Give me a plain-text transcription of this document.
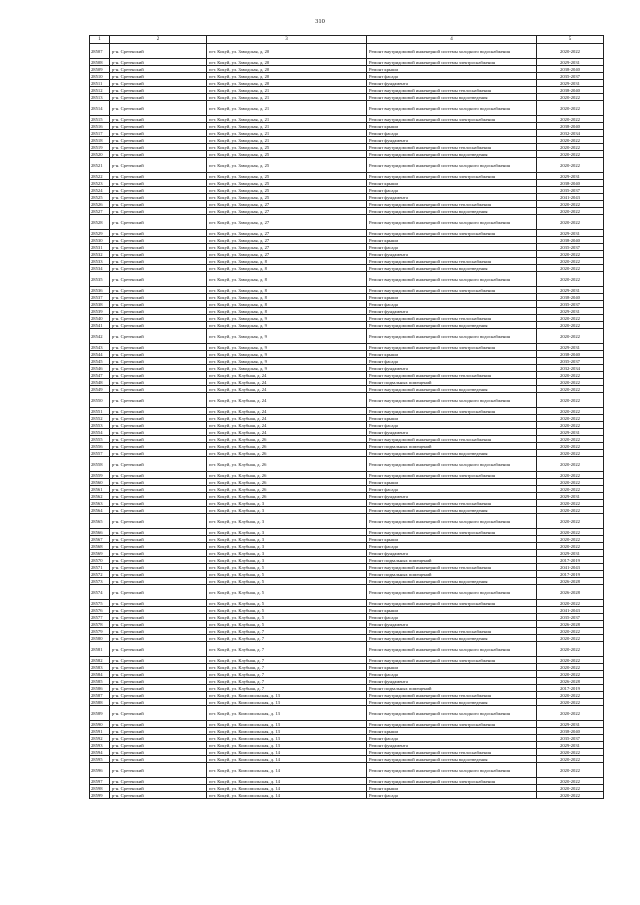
310
1	2	3	4	5
28507	р-н. Сретенский	пгт. Кокуй, ул. Заводская, д. 20	Ремонт внутридомовой инженерной системы холодного водоснабжения	2020-2022
28508	р-н. Сретенский	пгт. Кокуй, ул. Заводская, д. 20	Ремонт внутридомовой инженерной системы электроснабжения	2029-2031
28509	р-н. Сретенский	пгт. Кокуй, ул. Заводская, д. 20	Ремонт крыши	2038-2040
28510	р-н. Сретенский	пгт. Кокуй, ул. Заводская, д. 20	Ремонт фасада	2035-2037
28511	р-н. Сретенский	пгт. Кокуй, ул. Заводская, д. 20	Ремонт фундамента	2029-2031
28512	р-н. Сретенский	пгт. Кокуй, ул. Заводская, д. 21	Ремонт внутридомовой инженерной системы теплоснабжения	2038-2040
28513	р-н. Сретенский	пгт. Кокуй, ул. Заводская, д. 21	Ремонт внутридомовой инженерной системы водоотведения	2020-2022
28514	р-н. Сретенский	пгт. Кокуй, ул. Заводская, д. 21	Ремонт внутридомовой инженерной системы холодного водоснабжения	2020-2022
28515	р-н. Сретенский	пгт. Кокуй, ул. Заводская, д. 21	Ремонт внутридомовой инженерной системы электроснабжения	2020-2022
28516	р-н. Сретенский	пгт. Кокуй, ул. Заводская, д. 21	Ремонт крыши	2038-2040
28517	р-н. Сретенский	пгт. Кокуй, ул. Заводская, д. 21	Ремонт фасада	2032-2034
28518	р-н. Сретенский	пгт. Кокуй, ул. Заводская, д. 21	Ремонт фундамента	2020-2022
28519	р-н. Сретенский	пгт. Кокуй, ул. Заводская, д. 25	Ремонт внутридомовой инженерной системы теплоснабжения	2020-2022
28520	р-н. Сретенский	пгт. Кокуй, ул. Заводская, д. 25	Ремонт внутридомовой инженерной системы водоотведения	2020-2022
28521	р-н. Сретенский	пгт. Кокуй, ул. Заводская, д. 25	Ремонт внутридомовой инженерной системы холодного водоснабжения	2020-2022
28522	р-н. Сретенский	пгт. Кокуй, ул. Заводская, д. 25	Ремонт внутридомовой инженерной системы электроснабжения	2029-2031
28523	р-н. Сретенский	пгт. Кокуй, ул. Заводская, д. 25	Ремонт крыши	2038-2040
28524	р-н. Сретенский	пгт. Кокуй, ул. Заводская, д. 25	Ремонт фасада	2035-2037
28525	р-н. Сретенский	пгт. Кокуй, ул. Заводская, д. 25	Ремонт фундамента	2041-2043
28526	р-н. Сретенский	пгт. Кокуй, ул. Заводская, д. 27	Ремонт внутридомовой инженерной системы теплоснабжения	2020-2022
28527	р-н. Сретенский	пгт. Кокуй, ул. Заводская, д. 27	Ремонт внутридомовой инженерной системы водоотведения	2020-2022
28528	р-н. Сретенский	пгт. Кокуй, ул. Заводская, д. 27	Ремонт внутридомовой инженерной системы холодного водоснабжения	2020-2022
28529	р-н. Сретенский	пгт. Кокуй, ул. Заводская, д. 27	Ремонт внутридомовой инженерной системы электроснабжения	2029-2031
28530	р-н. Сретенский	пгт. Кокуй, ул. Заводская, д. 27	Ремонт крыши	2038-2040
28531	р-н. Сретенский	пгт. Кокуй, ул. Заводская, д. 27	Ремонт фасада	2035-2037
28532	р-н. Сретенский	пгт. Кокуй, ул. Заводская, д. 27	Ремонт фундамента	2020-2022
28533	р-н. Сретенский	пгт. Кокуй, ул. Заводская, д. 8	Ремонт внутридомовой инженерной системы теплоснабжения	2020-2022
28534	р-н. Сретенский	пгт. Кокуй, ул. Заводская, д. 8	Ремонт внутридомовой инженерной системы водоотведения	2020-2022
28535	р-н. Сретенский	пгт. Кокуй, ул. Заводская, д. 8	Ремонт внутридомовой инженерной системы холодного водоснабжения	2020-2022
28536	р-н. Сретенский	пгт. Кокуй, ул. Заводская, д. 8	Ремонт внутридомовой инженерной системы электроснабжения	2029-2031
28537	р-н. Сретенский	пгт. Кокуй, ул. Заводская, д. 8	Ремонт крыши	2038-2040
28538	р-н. Сретенский	пгт. Кокуй, ул. Заводская, д. 8	Ремонт фасада	2035-2037
28539	р-н. Сретенский	пгт. Кокуй, ул. Заводская, д. 8	Ремонт фундамента	2029-2031
28540	р-н. Сретенский	пгт. Кокуй, ул. Заводская, д. 9	Ремонт внутридомовой инженерной системы теплоснабжения	2020-2022
28541	р-н. Сретенский	пгт. Кокуй, ул. Заводская, д. 9	Ремонт внутридомовой инженерной системы водоотведения	2020-2022
28542	р-н. Сретенский	пгт. Кокуй, ул. Заводская, д. 9	Ремонт внутридомовой инженерной системы холодного водоснабжения	2020-2022
28543	р-н. Сретенский	пгт. Кокуй, ул. Заводская, д. 9	Ремонт внутридомовой инженерной системы электроснабжения	2029-2031
28544	р-н. Сретенский	пгт. Кокуй, ул. Заводская, д. 9	Ремонт крыши	2038-2040
28545	р-н. Сретенский	пгт. Кокуй, ул. Заводская, д. 9	Ремонт фасада	2035-2037
28546	р-н. Сретенский	пгт. Кокуй, ул. Заводская, д. 9	Ремонт фундамента	2032-2034
28547	р-н. Сретенский	пгт. Кокуй, ул. Клубная, д. 24	Ремонт внутридомовой инженерной системы теплоснабжения	2020-2022
28548	р-н. Сретенский	пгт. Кокуй, ул. Клубная, д. 24	Ремонт подвальных помещений	2020-2022
28549	р-н. Сретенский	пгт. Кокуй, ул. Клубная, д. 24	Ремонт внутридомовой инженерной системы водоотведения	2020-2022
28550	р-н. Сретенский	пгт. Кокуй, ул. Клубная, д. 24	Ремонт внутридомовой инженерной системы холодного водоснабжения	2020-2022
28551	р-н. Сретенский	пгт. Кокуй, ул. Клубная, д. 24	Ремонт внутридомовой инженерной системы электроснабжения	2020-2022
28552	р-н. Сретенский	пгт. Кокуй, ул. Клубная, д. 24	Ремонт крыши	2020-2022
28553	р-н. Сретенский	пгт. Кокуй, ул. Клубная, д. 24	Ремонт фасада	2020-2022
28554	р-н. Сретенский	пгт. Кокуй, ул. Клубная, д. 24	Ремонт фундамента	2029-2031
28555	р-н. Сретенский	пгт. Кокуй, ул. Клубная, д. 26	Ремонт внутридомовой инженерной системы теплоснабжения	2020-2022
28556	р-н. Сретенский	пгт. Кокуй, ул. Клубная, д. 26	Ремонт подвальных помещений	2020-2022
28557	р-н. Сретенский	пгт. Кокуй, ул. Клубная, д. 26	Ремонт внутридомовой инженерной системы водоотведения	2020-2022
28558	р-н. Сретенский	пгт. Кокуй, ул. Клубная, д. 26	Ремонт внутридомовой инженерной системы холодного водоснабжения	2020-2022
28559	р-н. Сретенский	пгт. Кокуй, ул. Клубная, д. 26	Ремонт внутридомовой инженерной системы электроснабжения	2020-2022
28560	р-н. Сретенский	пгт. Кокуй, ул. Клубная, д. 26	Ремонт крыши	2020-2022
28561	р-н. Сретенский	пгт. Кокуй, ул. Клубная, д. 26	Ремонт фасада	2020-2022
28562	р-н. Сретенский	пгт. Кокуй, ул. Клубная, д. 26	Ремонт фундамента	2029-2031
28563	р-н. Сретенский	пгт. Кокуй, ул. Клубная, д. 3	Ремонт внутридомовой инженерной системы теплоснабжения	2020-2022
28564	р-н. Сретенский	пгт. Кокуй, ул. Клубная, д. 3	Ремонт внутридомовой инженерной системы водоотведения	2020-2022
28565	р-н. Сретенский	пгт. Кокуй, ул. Клубная, д. 3	Ремонт внутридомовой инженерной системы холодного водоснабжения	2020-2022
28566	р-н. Сретенский	пгт. Кокуй, ул. Клубная, д. 3	Ремонт внутридомовой инженерной системы электроснабжения	2020-2022
28567	р-н. Сретенский	пгт. Кокуй, ул. Клубная, д. 3	Ремонт крыши	2020-2022
28568	р-н. Сретенский	пгт. Кокуй, ул. Клубная, д. 3	Ремонт фасада	2020-2022
28569	р-н. Сретенский	пгт. Кокуй, ул. Клубная, д. 3	Ремонт фундамента	2029-2031
28570	р-н. Сретенский	пгт. Кокуй, ул. Клубная, д. 3	Ремонт подвальных помещений	2017-2019
28571	р-н. Сретенский	пгт. Кокуй, ул. Клубная, д. 5	Ремонт внутридомовой инженерной системы теплоснабжения	2041-2043
28572	р-н. Сретенский	пгт. Кокуй, ул. Клубная, д. 5	Ремонт подвальных помещений	2017-2019
28573	р-н. Сретенский	пгт. Кокуй, ул. Клубная, д. 5	Ремонт внутридомовой инженерной системы водоотведения	2026-2028
28574	р-н. Сретенский	пгт. Кокуй, ул. Клубная, д. 5	Ремонт внутридомовой инженерной системы холодного водоснабжения	2026-2028
28575	р-н. Сретенский	пгт. Кокуй, ул. Клубная, д. 5	Ремонт внутридомовой инженерной системы электроснабжения	2020-2022
28576	р-н. Сретенский	пгт. Кокуй, ул. Клубная, д. 5	Ремонт крыши	2041-2043
28577	р-н. Сретенский	пгт. Кокуй, ул. Клубная, д. 5	Ремонт фасада	2035-2037
28578	р-н. Сретенский	пгт. Кокуй, ул. Клубная, д. 5	Ремонт фундамента	2026-2028
28579	р-н. Сретенский	пгт. Кокуй, ул. Клубная, д. 7	Ремонт внутридомовой инженерной системы теплоснабжения	2020-2022
28580	р-н. Сретенский	пгт. Кокуй, ул. Клубная, д. 7	Ремонт внутридомовой инженерной системы водоотведения	2020-2022
28581	р-н. Сретенский	пгт. Кокуй, ул. Клубная, д. 7	Ремонт внутридомовой инженерной системы холодного водоснабжения	2020-2022
28582	р-н. Сретенский	пгт. Кокуй, ул. Клубная, д. 7	Ремонт внутридомовой инженерной системы электроснабжения	2020-2022
28583	р-н. Сретенский	пгт. Кокуй, ул. Клубная, д. 7	Ремонт крыши	2020-2022
28584	р-н. Сретенский	пгт. Кокуй, ул. Клубная, д. 7	Ремонт фасада	2020-2022
28585	р-н. Сретенский	пгт. Кокуй, ул. Клубная, д. 7	Ремонт фундамента	2026-2028
28586	р-н. Сретенский	пгт. Кокуй, ул. Клубная, д. 7	Ремонт подвальных помещений	2017-2019
28587	р-н. Сретенский	пгт. Кокуй, ул. Комсомольская, д. 13	Ремонт внутридомовой инженерной системы теплоснабжения	2020-2022
28588	р-н. Сретенский	пгт. Кокуй, ул. Комсомольская, д. 13	Ремонт внутридомовой инженерной системы водоотведения	2020-2022
28589	р-н. Сретенский	пгт. Кокуй, ул. Комсомольская, д. 13	Ремонт внутридомовой инженерной системы холодного водоснабжения	2020-2022
28590	р-н. Сретенский	пгт. Кокуй, ул. Комсомольская, д. 13	Ремонт внутридомовой инженерной системы электроснабжения	2029-2031
28591	р-н. Сретенский	пгт. Кокуй, ул. Комсомольская, д. 13	Ремонт крыши	2038-2040
28592	р-н. Сретенский	пгт. Кокуй, ул. Комсомольская, д. 13	Ремонт фасада	2035-2037
28593	р-н. Сретенский	пгт. Кокуй, ул. Комсомольская, д. 13	Ремонт фундамента	2029-2031
28594	р-н. Сретенский	пгт. Кокуй, ул. Комсомольская, д. 14	Ремонт внутридомовой инженерной системы теплоснабжения	2020-2022
28595	р-н. Сретенский	пгт. Кокуй, ул. Комсомольская, д. 14	Ремонт внутридомовой инженерной системы водоотведения	2020-2022
28596	р-н. Сретенский	пгт. Кокуй, ул. Комсомольская, д. 14	Ремонт внутридомовой инженерной системы холодного водоснабжения	2020-2022
28597	р-н. Сретенский	пгт. Кокуй, ул. Комсомольская, д. 14	Ремонт внутридомовой инженерной системы электроснабжения	2020-2022
28598	р-н. Сретенский	пгт. Кокуй, ул. Комсомольская, д. 14	Ремонт крыши	2020-2022
28599	р-н. Сретенский	пгт. Кокуй, ул. Комсомольская, д. 14	Ремонт фасада	2020-2022
